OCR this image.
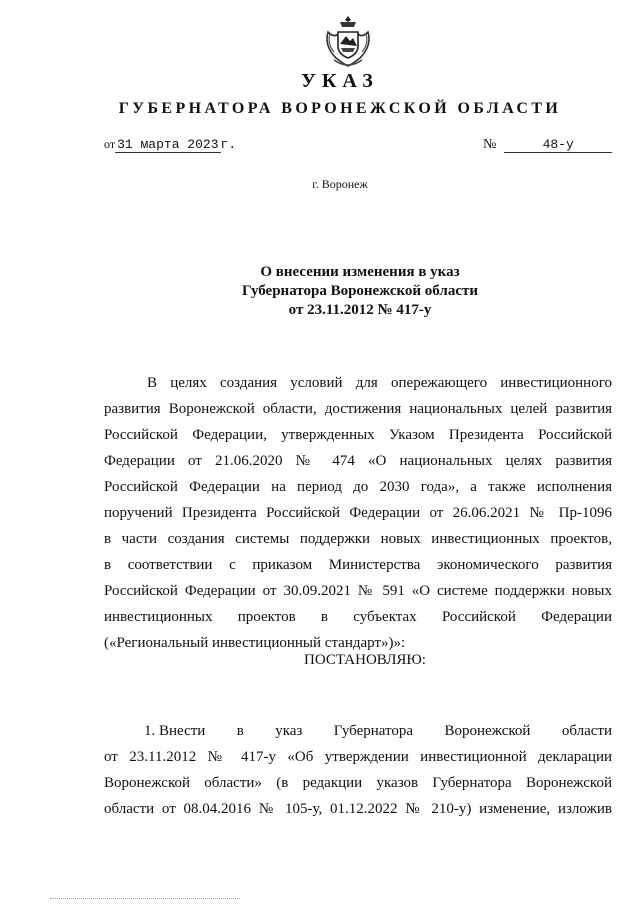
УКАЗ
ГУБЕРНАТОРА ВОРОНЕЖСКОЙ ОБЛАСТИ
от 31 марта 2023 г.	№	48-у
г. Воронеж
О внесении изменения в указ
Губернатора Воронежской области
от 23.11.2012 № 417-у
В целях создания условий для опережающего инвестиционного
развития Воронежской области, достижения национальных целей развития
Российской Федерации, утвержденных Указом Президента Российской
Федерации от 21.06.2020 № 474 «О национальных целях развития
Российской Федерации на период до 2030 года», а также исполнения
поручений Президента Российской Федерации от 26.06.2021 № Пр-1096
в части создания системы поддержки новых инвестиционных проектов,
в соответствии с приказом Министерства экономического развития
Российской Федерации от 30.09.2021 № 591 «О системе поддержки новых
инвестиционных проектов в субъектах Российской Федерации
(«Региональный инвестиционный стандарт»)»:
ПОСТАНОВЛЯЮ:
1. Внести в указ Губернатора Воронежской области
от 23.11.2012 № 417-у «Об утверждении инвестиционной декларации
Воронежской области» (в редакции указов Губернатора Воронежской
области от 08.04.2016 № 105-у, 01.12.2022 № 210-у) изменение, изложив
